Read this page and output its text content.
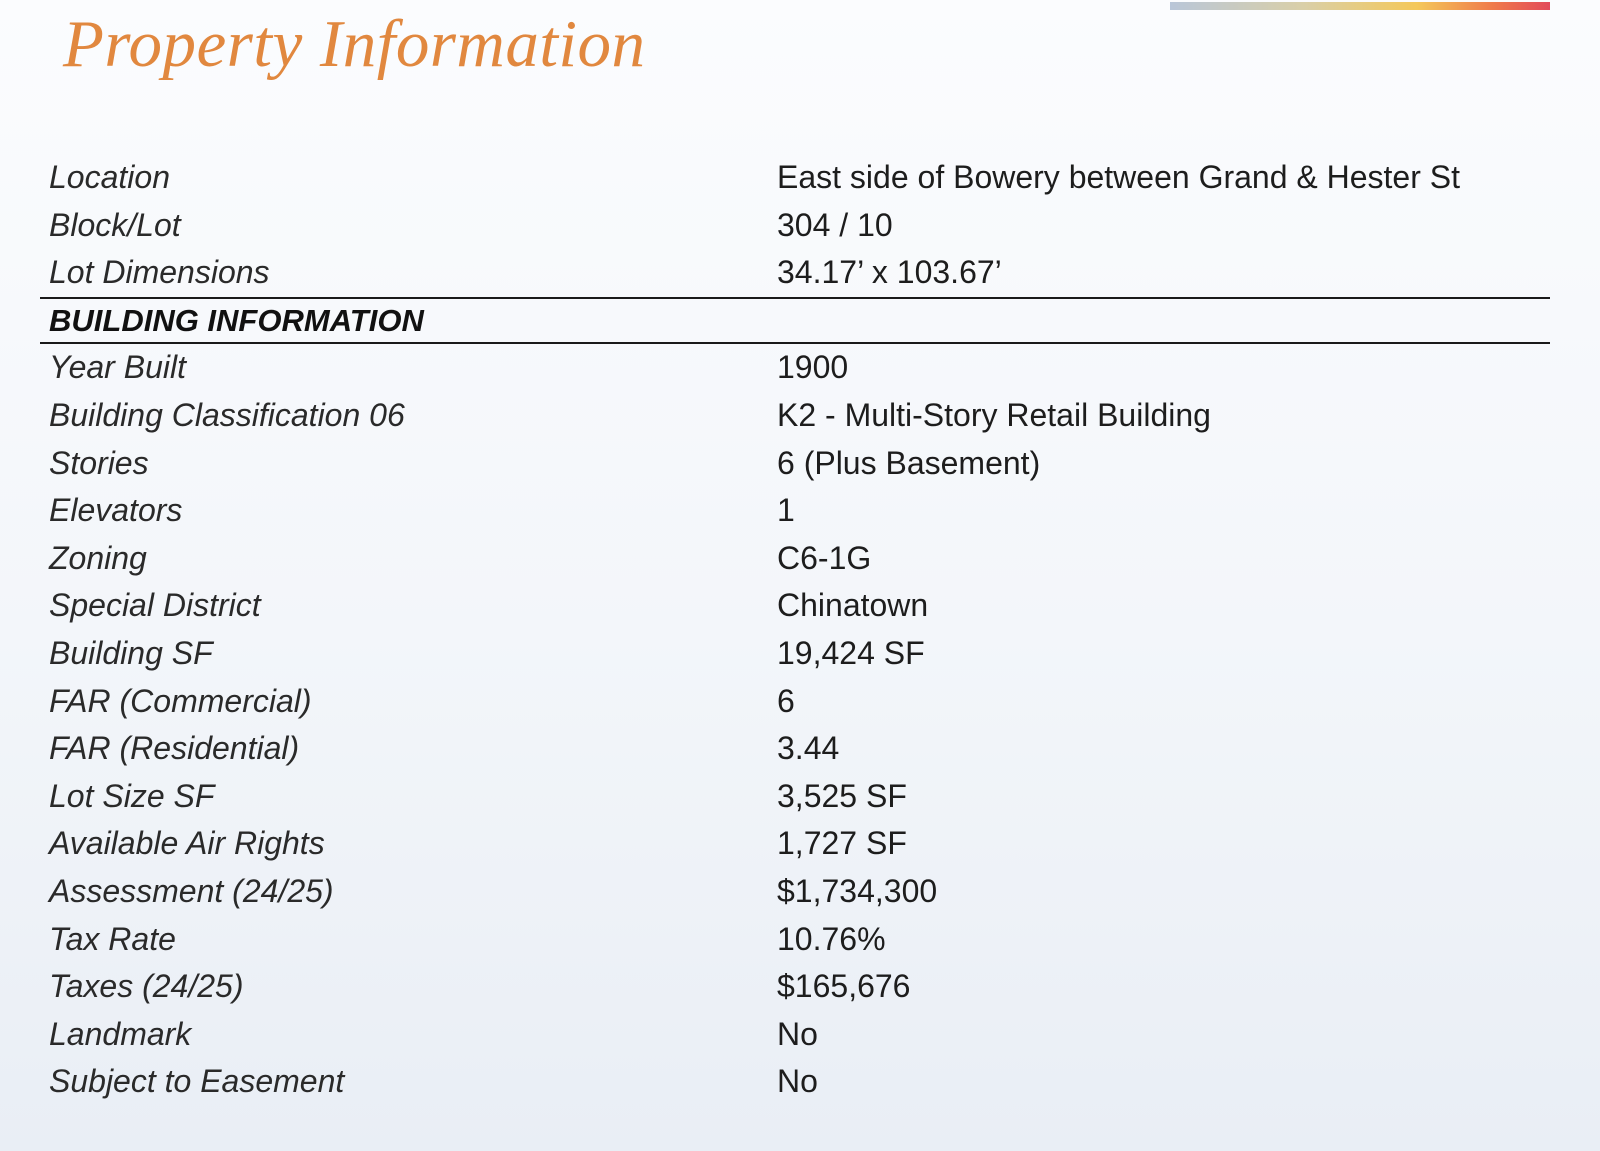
Property Information
Location	East side of Bowery between Grand & Hester St
Block/Lot	304 / 10
Lot Dimensions	34.17’ x 103.67’
BUILDING INFORMATION
Year Built	1900
Building Classification 06	K2 - Multi-Story Retail Building
Stories	6 (Plus Basement)
Elevators	1
Zoning	C6-1G
Special District	Chinatown
Building SF	19,424 SF
FAR (Commercial)	6
FAR (Residential)	3.44
Lot Size SF	3,525 SF
Available Air Rights	1,727 SF
Assessment (24/25)	$1,734,300
Tax Rate	10.76%
Taxes (24/25)	$165,676
Landmark	No
Subject to Easement	No
